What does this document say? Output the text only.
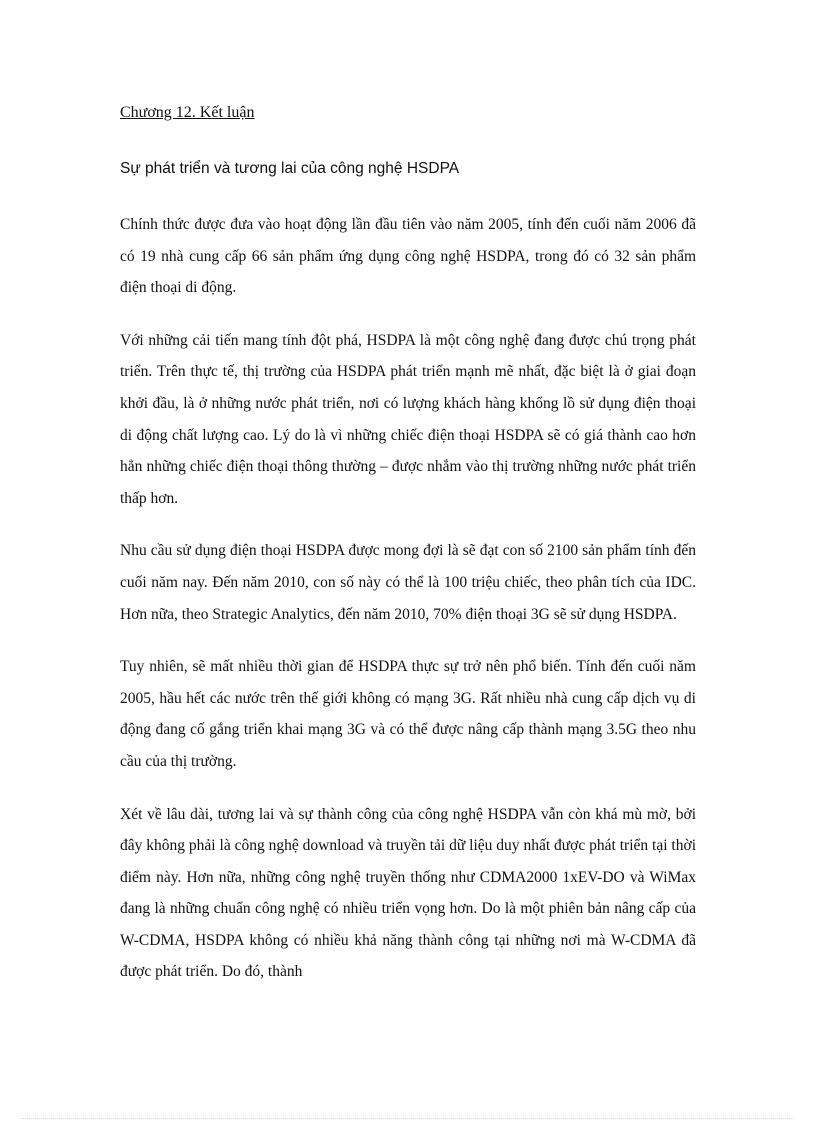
Chương 12. Kết luận
Sự phát triển và tương lai của công nghệ HSDPA

Chính thức được đưa vào hoạt động lần đầu tiên vào năm 2005, tính đến cuối năm 2006 đã có 19 nhà cung cấp 66 sản phẩm ứng dụng công nghệ HSDPA, trong đó có 32 sản phẩm điện thoại di động.

Với những cải tiến mang tính đột phá, HSDPA là một công nghệ đang được chú trọng phát triển. Trên thực tế, thị trường của HSDPA phát triển mạnh mẽ nhất, đặc biệt là ở giai đoạn khởi đầu, là ở những nước phát triển, nơi có lượng khách hàng khổng lồ sử dụng điện thoại di động chất lượng cao. Lý do là vì những chiếc điện thoại HSDPA sẽ có giá thành cao hơn hẳn những chiếc điện thoại thông thường – được nhắm vào thị trường những nước phát triển thấp hơn.

Nhu cầu sử dụng điện thoại HSDPA được mong đợi là sẽ đạt con số 2100 sản phẩm tính đến cuối năm nay. Đến năm 2010, con số này có thể là 100 triệu chiếc, theo phân tích của IDC. Hơn nữa, theo Strategic Analytics, đến năm 2010, 70% điện thoại 3G sẽ sử dụng HSDPA.

Tuy nhiên, sẽ mất nhiều thời gian để HSDPA thực sự trở nên phổ biến. Tính đến cuối năm 2005, hầu hết các nước trên thế giới không có mạng 3G. Rất nhiều nhà cung cấp dịch vụ di động đang cố gắng triển khai mạng 3G và có thể được nâng cấp thành mạng 3.5G theo nhu cầu của thị trường.

Xét về lâu dài, tương lai và sự thành công của công nghệ HSDPA vẫn còn khá mù mờ, bởi đây không phải là công nghệ download và truyền tải dữ liệu duy nhất được phát triển tại thời điểm này. Hơn nữa, những công nghệ truyền thống như CDMA2000 1xEV-DO và WiMax đang là những chuẩn công nghệ có nhiều triển vọng hơn. Do là một phiên bản nâng cấp của W-CDMA, HSDPA không có nhiều khả năng thành công tại những nơi mà W-CDMA đã được phát triển. Do đó, thành
